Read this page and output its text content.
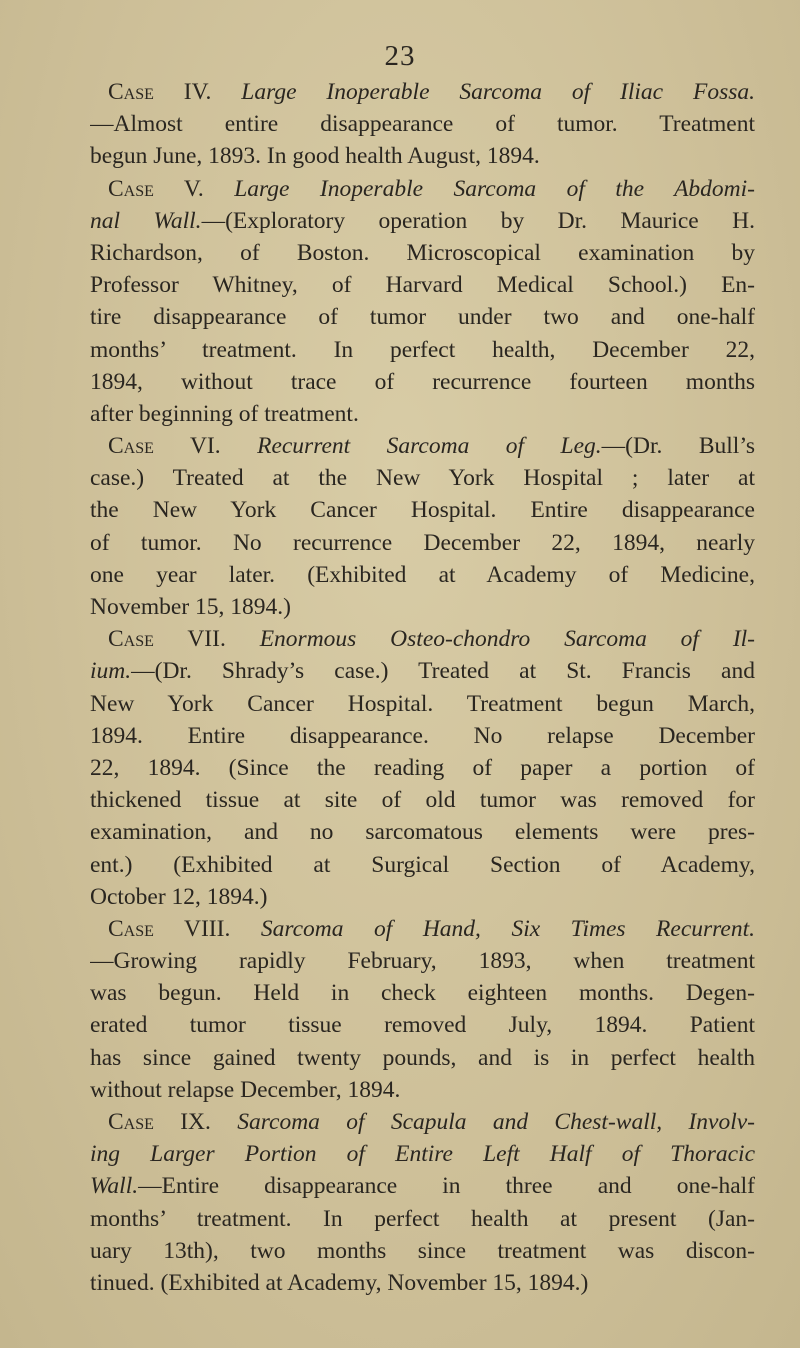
23
Case IV. Large Inoperable Sarcoma of Iliac Fossa.
—Almost entire disappearance of tumor. Treatment
begun June, 1893. In good health August, 1894.
Case V. Large Inoperable Sarcoma of the Abdomi-
nal Wall.—(Exploratory operation by Dr. Maurice H.
Richardson, of Boston. Microscopical examination by
Professor Whitney, of Harvard Medical School.) En-
tire disappearance of tumor under two and one-half
months’ treatment. In perfect health, December 22,
1894, without trace of recurrence fourteen months
after beginning of treatment.
Case VI. Recurrent Sarcoma of Leg.—(Dr. Bull’s
case.) Treated at the New York Hospital ; later at
the New York Cancer Hospital. Entire disappearance
of tumor. No recurrence December 22, 1894, nearly
one year later. (Exhibited at Academy of Medicine,
November 15, 1894.)
Case VII. Enormous Osteo-chondro Sarcoma of Il-
ium.—(Dr. Shrady’s case.) Treated at St. Francis and
New York Cancer Hospital. Treatment begun March,
1894. Entire disappearance. No relapse December
22, 1894. (Since the reading of paper a portion of
thickened tissue at site of old tumor was removed for
examination, and no sarcomatous elements were pres-
ent.) (Exhibited at Surgical Section of Academy,
October 12, 1894.)
Case VIII. Sarcoma of Hand, Six Times Recurrent.
—Growing rapidly February, 1893, when treatment
was begun. Held in check eighteen months. Degen-
erated tumor tissue removed July, 1894. Patient
has since gained twenty pounds, and is in perfect health
without relapse December, 1894.
Case IX. Sarcoma of Scapula and Chest-wall, Involv-
ing Larger Portion of Entire Left Half of Thoracic
Wall.—Entire disappearance in three and one-half
months’ treatment. In perfect health at present (Jan-
uary 13th), two months since treatment was discon-
tinued. (Exhibited at Academy, November 15, 1894.)
